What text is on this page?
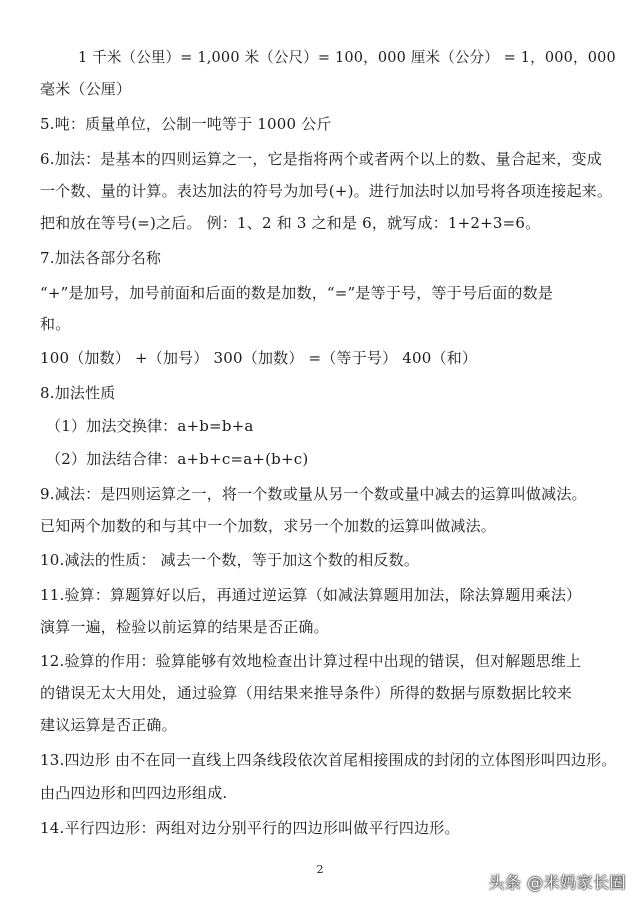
1 千米（公里）= 1,000 米（公尺）= 100，000 厘米（公分） = 1，000，000
毫米（公厘）
5.吨：质量单位，公制一吨等于 1000 公斤
6.加法：是基本的四则运算之一，它是指将两个或者两个以上的数、量合起来，变成
一个数、量的计算。表达加法的符号为加号(+)。进行加法时以加号将各项连接起来。
把和放在等号(=)之后。 例：1、2 和 3 之和是 6，就写成：1+2+3=6。
7.加法各部分名称
“+”是加号，加号前面和后面的数是加数，“=”是等于号，等于号后面的数是
和。
100（加数） +（加号） 300（加数） =（等于号） 400（和）
8.加法性质
（1）加法交换律：a+b=b+a
（2）加法结合律：a+b+c=a+(b+c)
9.减法：是四则运算之一，将一个数或量从另一个数或量中减去的运算叫做减法。
已知两个加数的和与其中一个加数，求另一个加数的运算叫做减法。
10.减法的性质： 减去一个数，等于加这个数的相反数。
11.验算：算题算好以后，再通过逆运算（如减法算题用加法，除法算题用乘法）
演算一遍，检验以前运算的结果是否正确。
12.验算的作用：验算能够有效地检查出计算过程中出现的错误，但对解题思维上
的错误无太大用处，通过验算（用结果来推导条件）所得的数据与原数据比较来
建议运算是否正确。
13.四边形 由不在同一直线上四条线段依次首尾相接围成的封闭的立体图形叫四边形。
由凸四边形和凹四边形组成.
14.平行四边形：两组对边分别平行的四边形叫做平行四边形。
2
头条 @米妈家长圈
